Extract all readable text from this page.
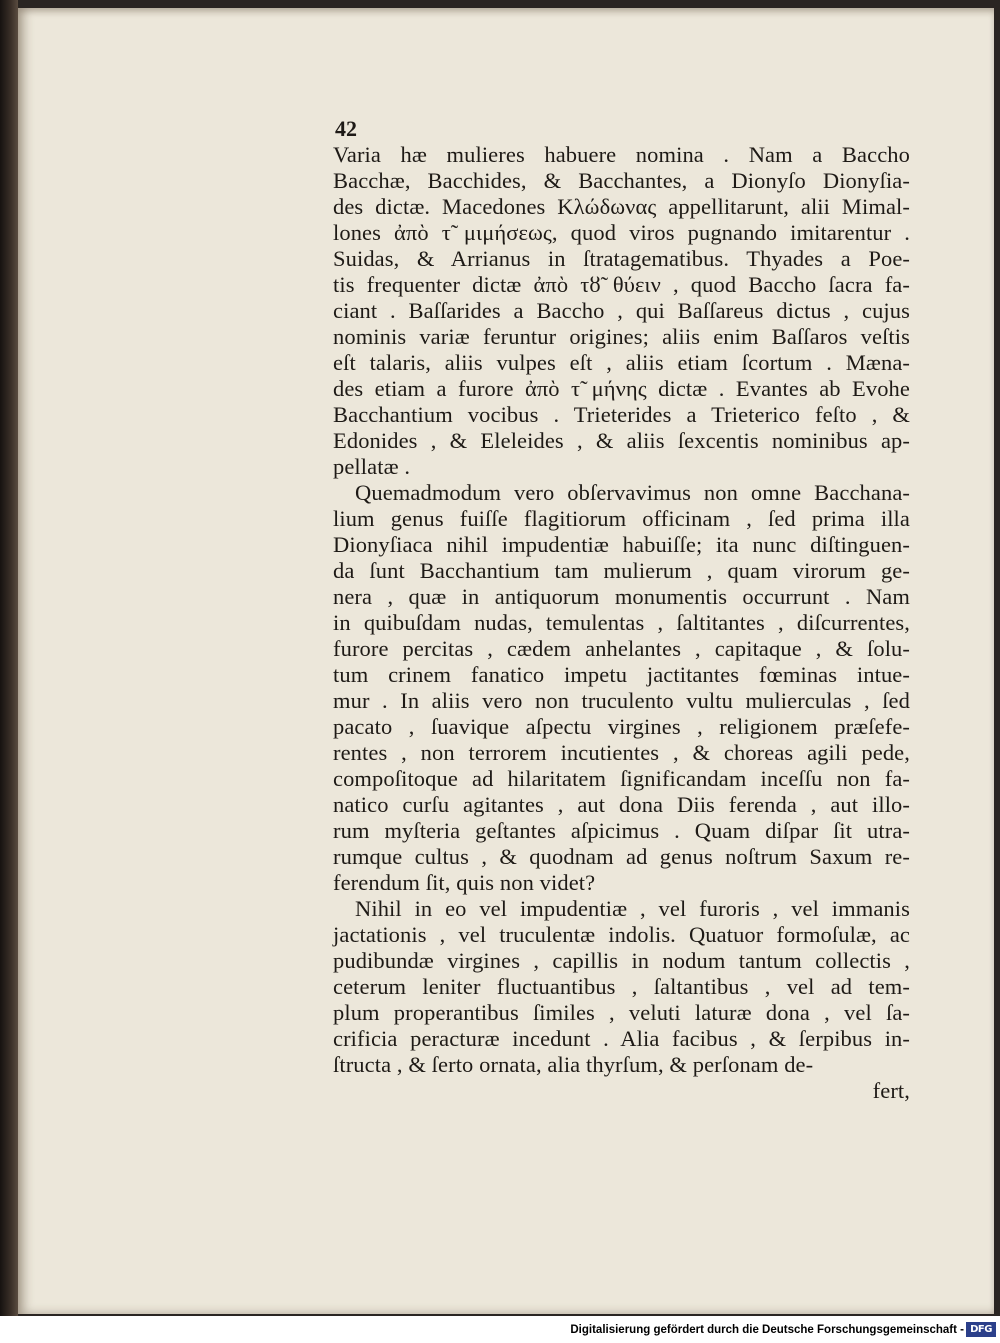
42
Varia hæ mulieres habuere nomina . Nam a Baccho
Bacchæ, Bacchides, & Bacchantes, a Dionyſo Dionyſia-
des dictæ. Macedones Κλώδωνας appellitarunt, alii Mimal-
lones ἀπὸ τ̃ μιμήσεως, quod viros pugnando imitarentur .
Suidas, & Arrianus in ſtratagematibus. Thyades a Poe-
tis frequenter dictæ ἀπὸ τȣ̃ θύειν , quod Baccho ſacra fa-
ciant . Baſſarides a Baccho , qui Baſſareus dictus , cujus
nominis variæ feruntur origines; aliis enim Baſſaros veſtis
eſt talaris, aliis vulpes eſt , aliis etiam ſcortum . Mæna-
des etiam a furore ἀπὸ τ̃ μήνης dictæ . Evantes ab Evohe
Bacchantium vocibus . Trieterides a Trieterico feſto , &
Edonides , & Eleleides , & aliis ſexcentis nominibus ap-
pellatæ .
Quemadmodum vero obſervavimus non omne Bacchana-
lium genus fuiſſe flagitiorum officinam , ſed prima illa
Dionyſiaca nihil impudentiæ habuiſſe; ita nunc diſtinguen-
da ſunt Bacchantium tam mulierum , quam virorum ge-
nera , quæ in antiquorum monumentis occurrunt . Nam
in quibuſdam nudas, temulentas , ſaltitantes , diſcurrentes,
furore percitas , cædem anhelantes , capitaque , & ſolu-
tum crinem fanatico impetu jactitantes fœminas intue-
mur . In aliis vero non truculento vultu mulierculas , ſed
pacato , ſuavique aſpectu virgines , religionem præſefe-
rentes , non terrorem incutientes , & choreas agili pede,
compoſitoque ad hilaritatem ſignificandam inceſſu non fa-
natico curſu agitantes , aut dona Diis ferenda , aut illo-
rum myſteria geſtantes aſpicimus . Quam diſpar ſit utra-
rumque cultus , & quodnam ad genus noſtrum Saxum re-
ferendum ſit, quis non videt?
Nihil in eo vel impudentiæ , vel furoris , vel immanis
jactationis , vel truculentæ indolis. Quatuor formoſulæ, ac
pudibundæ virgines , capillis in nodum tantum collectis ,
ceterum leniter fluctuantibus , ſaltantibus , vel ad tem-
plum properantibus ſimiles , veluti laturæ dona , vel ſa-
crificia peracturæ incedunt . Alia facibus , & ſerpibus in-
ſtructa , & ſerto ornata, alia thyrſum, & perſonam de-
fert,
Digitalisierung gefördert durch die Deutsche Forschungsgemeinschaft - DFG
